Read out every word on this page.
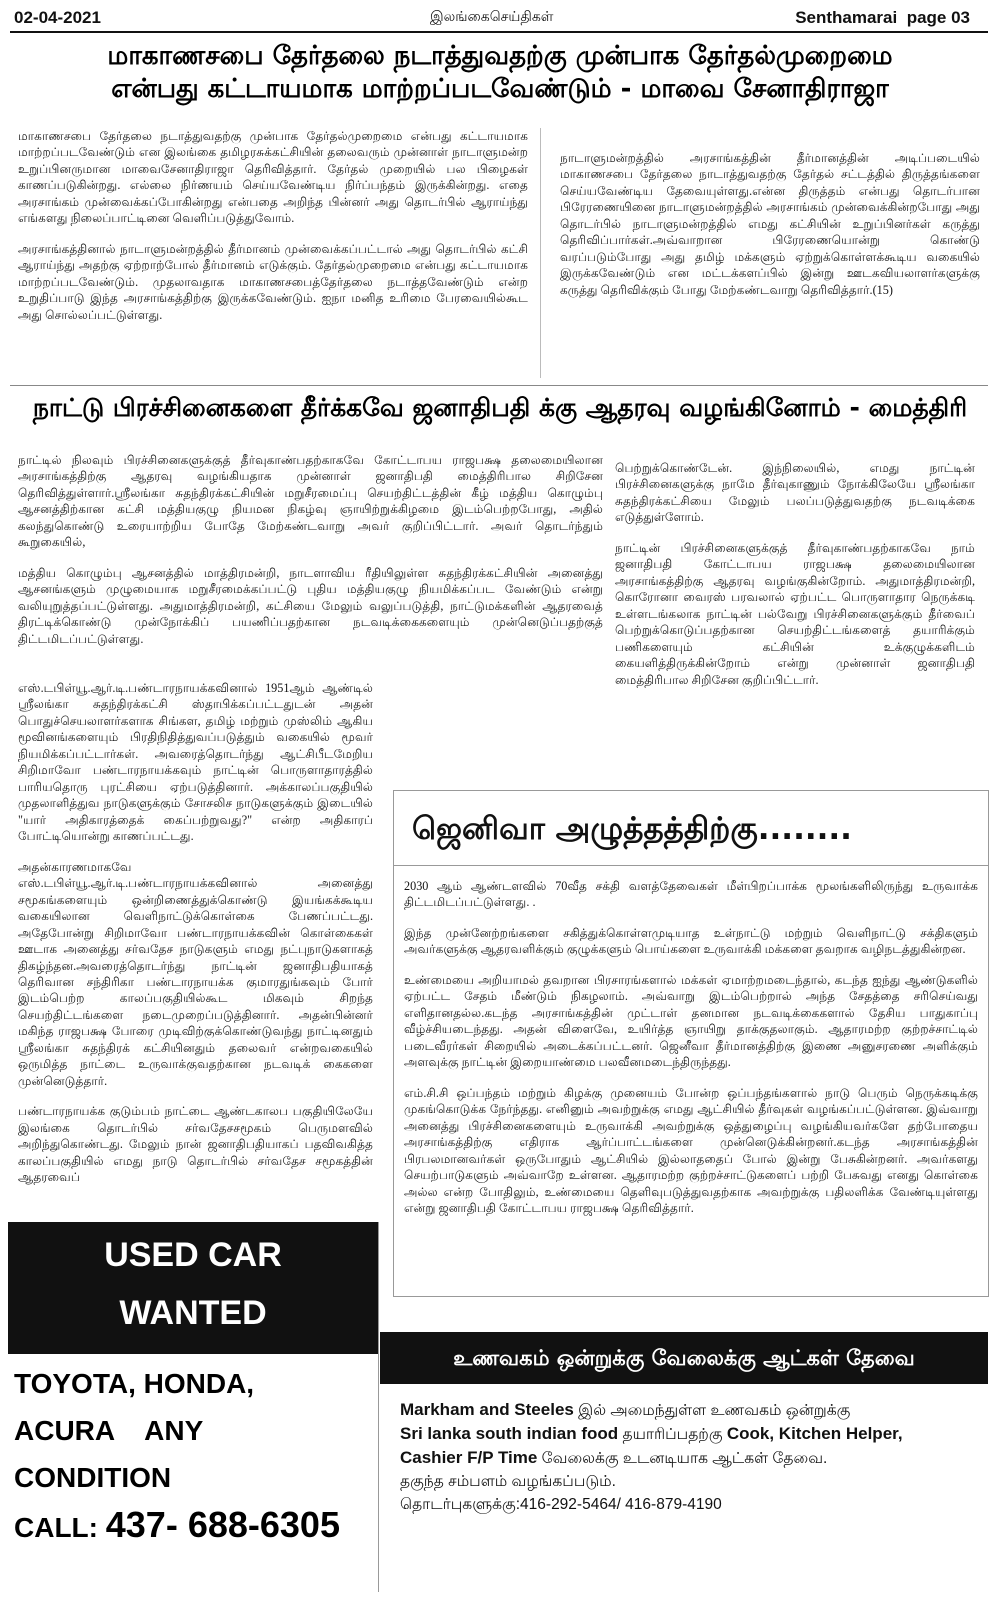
02-04-2021	இலங்கைசெய்திகள்	Senthamarai page 03
மாகாணசபை தேர்தலை நடாத்துவதற்கு முன்பாக தேர்தல்முறைமை
என்பது கட்டாயமாக மாற்றப்படவேண்டும் - மாவை சேனாதிராஜா

மாகாணசபை தேர்தலை நடாத்துவதற்கு முன்பாக தேர்தல்முறைமை என்பது கட்டாயமாக மாற்றப்படவேண்டும் என இலங்கை தமிழரசுக்கட்சியின் தலைவரும் முன்னாள் நாடாளுமன்ற உறுப்பினருமான மாவைசேனாதிராஜா தெரிவித்தார். தேர்தல் முறையில் பல பிழைகள் காணப்படுகின்றது. எல்லை நிர்ணயம் செய்யவேண்டிய நிர்ப்பந்தம் இருக்கின்றது. எதை அரசாங்கம் முன்வைக்கப்போகின்றது என்பதை அறிந்த பின்னர் அது தொடர்பில் ஆராய்ந்து எங்களது நிலைப்பாட்டினை வெளிப்படுத்துவோம்.

அரசாங்கத்தினால் நாடாளுமன்றத்தில் தீர்மானம் முன்வைக்கப்பட்டால் அது தொடர்பில் கட்சி ஆராய்ந்து அதற்கு ஏற்றாற்போல் தீர்மானம் எடுக்கும். தேர்தல்முறைமை என்பது கட்டாயமாக மாற்றப்படவேண்டும். முதலாவதாக மாகாணசபைத்தேர்தலை நடாத்தவேண்டும் என்ற உறுதிப்பாடு இந்த அரசாங்கத்திற்கு இருக்கவேண்டும். ஐநா மனித உரிமை பேரவையில்கூட அது சொல்லப்பட்டுள்ளது.

நாடாளுமன்றத்தில் அரசாங்கத்தின் தீர்மானத்தின் அடிப்படையில் மாகாணசபை தேர்தலை நாடாத்துவதற்கு தேர்தல் சட்டத்தில் திருத்தங்களை செய்யவேண்டிய தேவையுள்ளது.என்ன திருத்தம் என்பது தொடர்பான பிரேரணையினை நாடாளுமன்றத்தில் அரசாங்கம் முன்வைக்கின்றபோது அது தொடர்பில் நாடாளுமன்றத்தில் எமது கட்சியின் உறுப்பினர்கள் கருத்து தெரிவிப்பார்கள்.அவ்வாறான பிரேரணையொன்று கொண்டு வரப்படும்போது அது தமிழ் மக்களும் ஏற்றுக்கொள்ளக்கூடிய வகையில் இருக்கவேண்டும் என மட்டக்களப்பில் இன்று ஊடகவியலாளர்களுக்கு கருத்து தெரிவிக்கும் போது மேற்கண்டவாறு தெரிவித்தார்.(15)

நாட்டு பிரச்சினைகளை தீர்க்கவே ஜனாதிபதி க்கு ஆதரவு வழங்கினோம் - மைத்திரி

நாட்டில் நிலவும் பிரச்சினைகளுக்குத் தீர்வுகாண்பதற்காகவே கோட்டாபய ராஜபக்ஷ தலைமையிலான அரசாங்கத்திற்கு ஆதரவு வழங்கியதாக முன்னாள் ஜனாதிபதி மைத்திரிபால சிறிசேன தெரிவித்துள்ளார்.ஸ்ரீலங்கா சுதந்திரக்கட்சியின் மறுசீரமைப்பு செயற்திட்டத்தின் கீழ் மத்திய கொழும்பு ஆசனத்திற்கான கட்சி மத்தியகுழு நியமன நிகழ்வு ஞாயிற்றுக்கிழமை இடம்பெற்றபோது, அதில் கலந்துகொண்டு உரையாற்றிய போதே மேற்கண்டவாறு அவர் குறிப்பிட்டார். அவர் தொடர்ந்தும் கூறுகையில்,

மத்திய கொழும்பு ஆசனத்தில் மாத்திரமன்றி, நாடளாவிய ரீதியிலுள்ள சுதந்திரக்கட்சியின் அனைத்து ஆசனங்களும் முழுமையாக மறுசீரமைக்கப்பட்டு புதிய மத்தியகுழு நியமிக்கப்பட வேண்டும் என்று வலியுறுத்தப்பட்டுள்ளது. அதுமாத்திரமன்றி, கட்சியை மேலும் வலுப்படுத்தி, நாட்டுமக்களின் ஆதரவைத் திரட்டிக்கொண்டு முன்நோக்கிப் பயணிப்பதற்கான நடவடிக்கைகளையும் முன்னெடுப்பதற்குத் திட்டமிடப்பட்டுள்ளது.

எஸ்.டபிள்யூ.ஆர்.டி.பண்டாரநாயக்கவினால் 1951ஆம் ஆண்டில் ஸ்ரீலங்கா சுதந்திரக்கட்சி ஸ்தாபிக்கப்பட்டதுடன் அதன் பொதுச்செயலாளர்களாக சிங்கள, தமிழ் மற்றும் முஸ்லிம் ஆகிய மூவினங்களையும் பிரதிநிதித்துவப்படுத்தும் வகையில் மூவர் நியமிக்கப்பட்டார்கள். அவரைத்தொடர்ந்து ஆட்சிபீடமேறிய சிறிமாவோ பண்டாரநாயக்கவும் நாட்டின் பொருளாதாரத்தில் பாரியதொரு புரட்சியை ஏற்படுத்தினார். அக்காலப்பகுதியில் முதலாளித்துவ நாடுகளுக்கும் சோசலிச நாடுகளுக்கும் இடையில் "யார் அதிகாரத்தைக் கைப்பற்றுவது?" என்ற அதிகாரப் போட்டியொன்று காணப்பட்டது.

அதன்காரணமாகவே எஸ்.டபிள்யூ.ஆர்.டி.பண்டாரநாயக்கவினால் அனைத்து சமூகங்களையும் ஒன்றிணைத்துக்கொண்டு இயங்கக்கூடிய வகையிலான வெளிநாட்டுக்கொள்கை பேணப்பட்டது. அதேபோன்று சிறிமாவோ பண்டாரநாயக்கவின் கொள்கைகள் ஊடாக அனைத்து சர்வதேச நாடுகளும் எமது நட்புநாடுகளாகத் திகழ்ந்தன.அவரைத்தொடர்ந்து நாட்டின் ஜனாதிபதியாகத் தெரிவான சந்திரிகா பண்டாரநாயக்க குமாரதுங்கவும் போர் இடம்பெற்ற காலப்பகுதியில்கூட மிகவும் சிறந்த செயற்திட்டங்களை நடைமுறைப்படுத்தினார். அதன்பின்னர் மகிந்த ராஜபக்ஷ போரை முடிவிற்குக்கொண்டுவந்து நாட்டினதும் ஸ்ரீலங்கா சுதந்திரக் கட்சியினதும் தலைவர் என்றவகையில் ஒருமித்த நாட்டை உருவாக்குவதற்கான நடவடிக் கைகளை முன்னெடுத்தார்.

பண்டாரநாயக்க குடும்பம் நாட்டை ஆண்டகாலப பகுதியிலேயே இலங்கை தொடர்பில் சர்வதேசசமூகம் பெருமளவில் அறிந்துகொண்டது. மேலும் நான் ஜனாதிபதியாகப் பதவிவகித்த காலப்பகுதியில் எமது நாடு தொடர்பில் சர்வதேச சமூகத்தின் ஆதரவைப்

பெற்றுக்கொண்டேன். இந்நிலையில், எமது நாட்டின் பிரச்சினைகளுக்கு நாமே தீர்வுகாணும் நோக்கிலேயே ஸ்ரீலங்கா சுதந்திரக்கட்சியை மேலும் பலப்படுத்துவதற்கு நடவடிக்கை எடுத்துள்ளோம்.

நாட்டின் பிரச்சினைகளுக்குத் தீர்வுகாண்பதற்காகவே நாம் ஜனாதிபதி கோட்டாபய ராஜபக்ஷ தலைமையிலான அரசாங்கத்திற்கு ஆதரவு வழங்குகின்றோம். அதுமாத்திரமன்றி, கொரோனா வைரஸ் பரவலால் ஏற்பட்ட பொருளாதார நெருக்கடி உள்ளடங்கலாக நாட்டின் பல்வேறு பிரச்சினைகளுக்கும் தீர்வைப் பெற்றுக்கொடுப்பதற்கான செயற்திட்டங்களைத் தயாரிக்கும் பணிகளையும் கட்சியின் உக்குழுக்களிடம் கையளித்திருக்கின்றோம் என்று முன்னாள் ஜனாதிபதி மைத்திரிபால சிறிசேன குறிப்பிட்டார்.

ஜெனிவா அழுத்தத்திற்கு........

2030 ஆம் ஆண்டளவில் 70வீத சக்தி வளத்தேவைகள் மீள்பிறப்பாக்க மூலங்களிலிருந்து உருவாக்க திட்டமிடப்பட்டுள்ளது. .

இந்த முன்னேற்றங்களை சகித்துக்கொள்ளமுடியாத உள்நாட்டு மற்றும் வெளிநாட்டு சக்திகளும் அவர்களுக்கு ஆதரவளிக்கும் குழுக்களும் பொய்களை உருவாக்கி மக்களை தவறாக வழிநடத்துகின்றன.

உண்மையை அறியாமல் தவறான பிரசாரங்களால் மக்கள் ஏமாற்றமடைந்தால், கடந்த ஐந்து ஆண்டுகளில் ஏற்பட்ட சேதம் மீண்டும் நிகழலாம். அவ்வாறு இடம்பெற்றால் அந்த சேதத்தை சரிசெய்வது எளிதானதல்ல.கடந்த அரசாங்கத்தின் முட்டாள் தனமான நடவடிக்கைகளால் தேசிய பாதுகாப்பு வீழ்ச்சியடைந்தது. அதன் விளைவே, உயிர்த்த ஞாயிறு தாக்குதலாகும். ஆதாரமற்ற குற்றச்சாட்டில் படைவீரர்கள் சிறையில் அடைக்கப்பட்டனர். ஜெனீவா தீர்மானத்திற்கு இணை அனுசரணை அளிக்கும் அளவுக்கு நாட்டின் இறையாண்மை பலவீனமடைந்திருந்தது.

எம்.சி.சி ஒப்பந்தம் மற்றும் கிழக்கு முனையம் போன்ற ஒப்பந்தங்களால் நாடு பெரும் நெருக்கடிக்கு முகங்கொடுக்க நேர்ந்தது. எனினும் அவற்றுக்கு எமது ஆட்சியில் தீர்வுகள் வழங்கப்பட்டுள்ளன. இவ்வாறு அனைத்து பிரச்சினைகளையும் உருவாக்கி அவற்றுக்கு ஒத்துழைப்பு வழங்கியவர்களே தற்போதைய அரசாங்கத்திற்கு எதிராக ஆர்ப்பாட்டங்களை முன்னெடுக்கின்றனர்.கடந்த அரசாங்கத்தின் பிரபலமானவர்கள் ஒருபோதும் ஆட்சியில் இல்லாததைப் போல் இன்று பேசுகின்றனர். அவர்களது செயற்பாடுகளும் அவ்வாறே உள்ளன. ஆதாரமற்ற குற்றச்சாட்டுகளைப் பற்றி பேசுவது எனது கொள்கை அல்ல என்ற போதிலும், உண்மையை தெளிவுபடுத்துவதற்காக அவற்றுக்கு பதிலளிக்க வேண்டியுள்ளது என்று ஜனாதிபதி கோட்டாபய ராஜபக்ஷ தெரிவித்தார்.

USED CAR
WANTED
TOYOTA, HONDA,
ACURA    ANY
CONDITION
CALL: 437- 688-6305
உணவகம் ஒன்றுக்கு வேலைக்கு ஆட்கள் தேவை
Markham and Steeles இல் அமைந்துள்ள உணவகம் ஒன்றுக்கு
Sri lanka south indian food தயாரிப்பதற்கு Cook, Kitchen Helper,
Cashier F/P Time வேலைக்கு உடனடியாக ஆட்கள் தேவை.
தகுந்த சம்பளம் வழங்கப்படும்.
தொடர்புகளுக்கு:416-292-5464/ 416-879-4190
